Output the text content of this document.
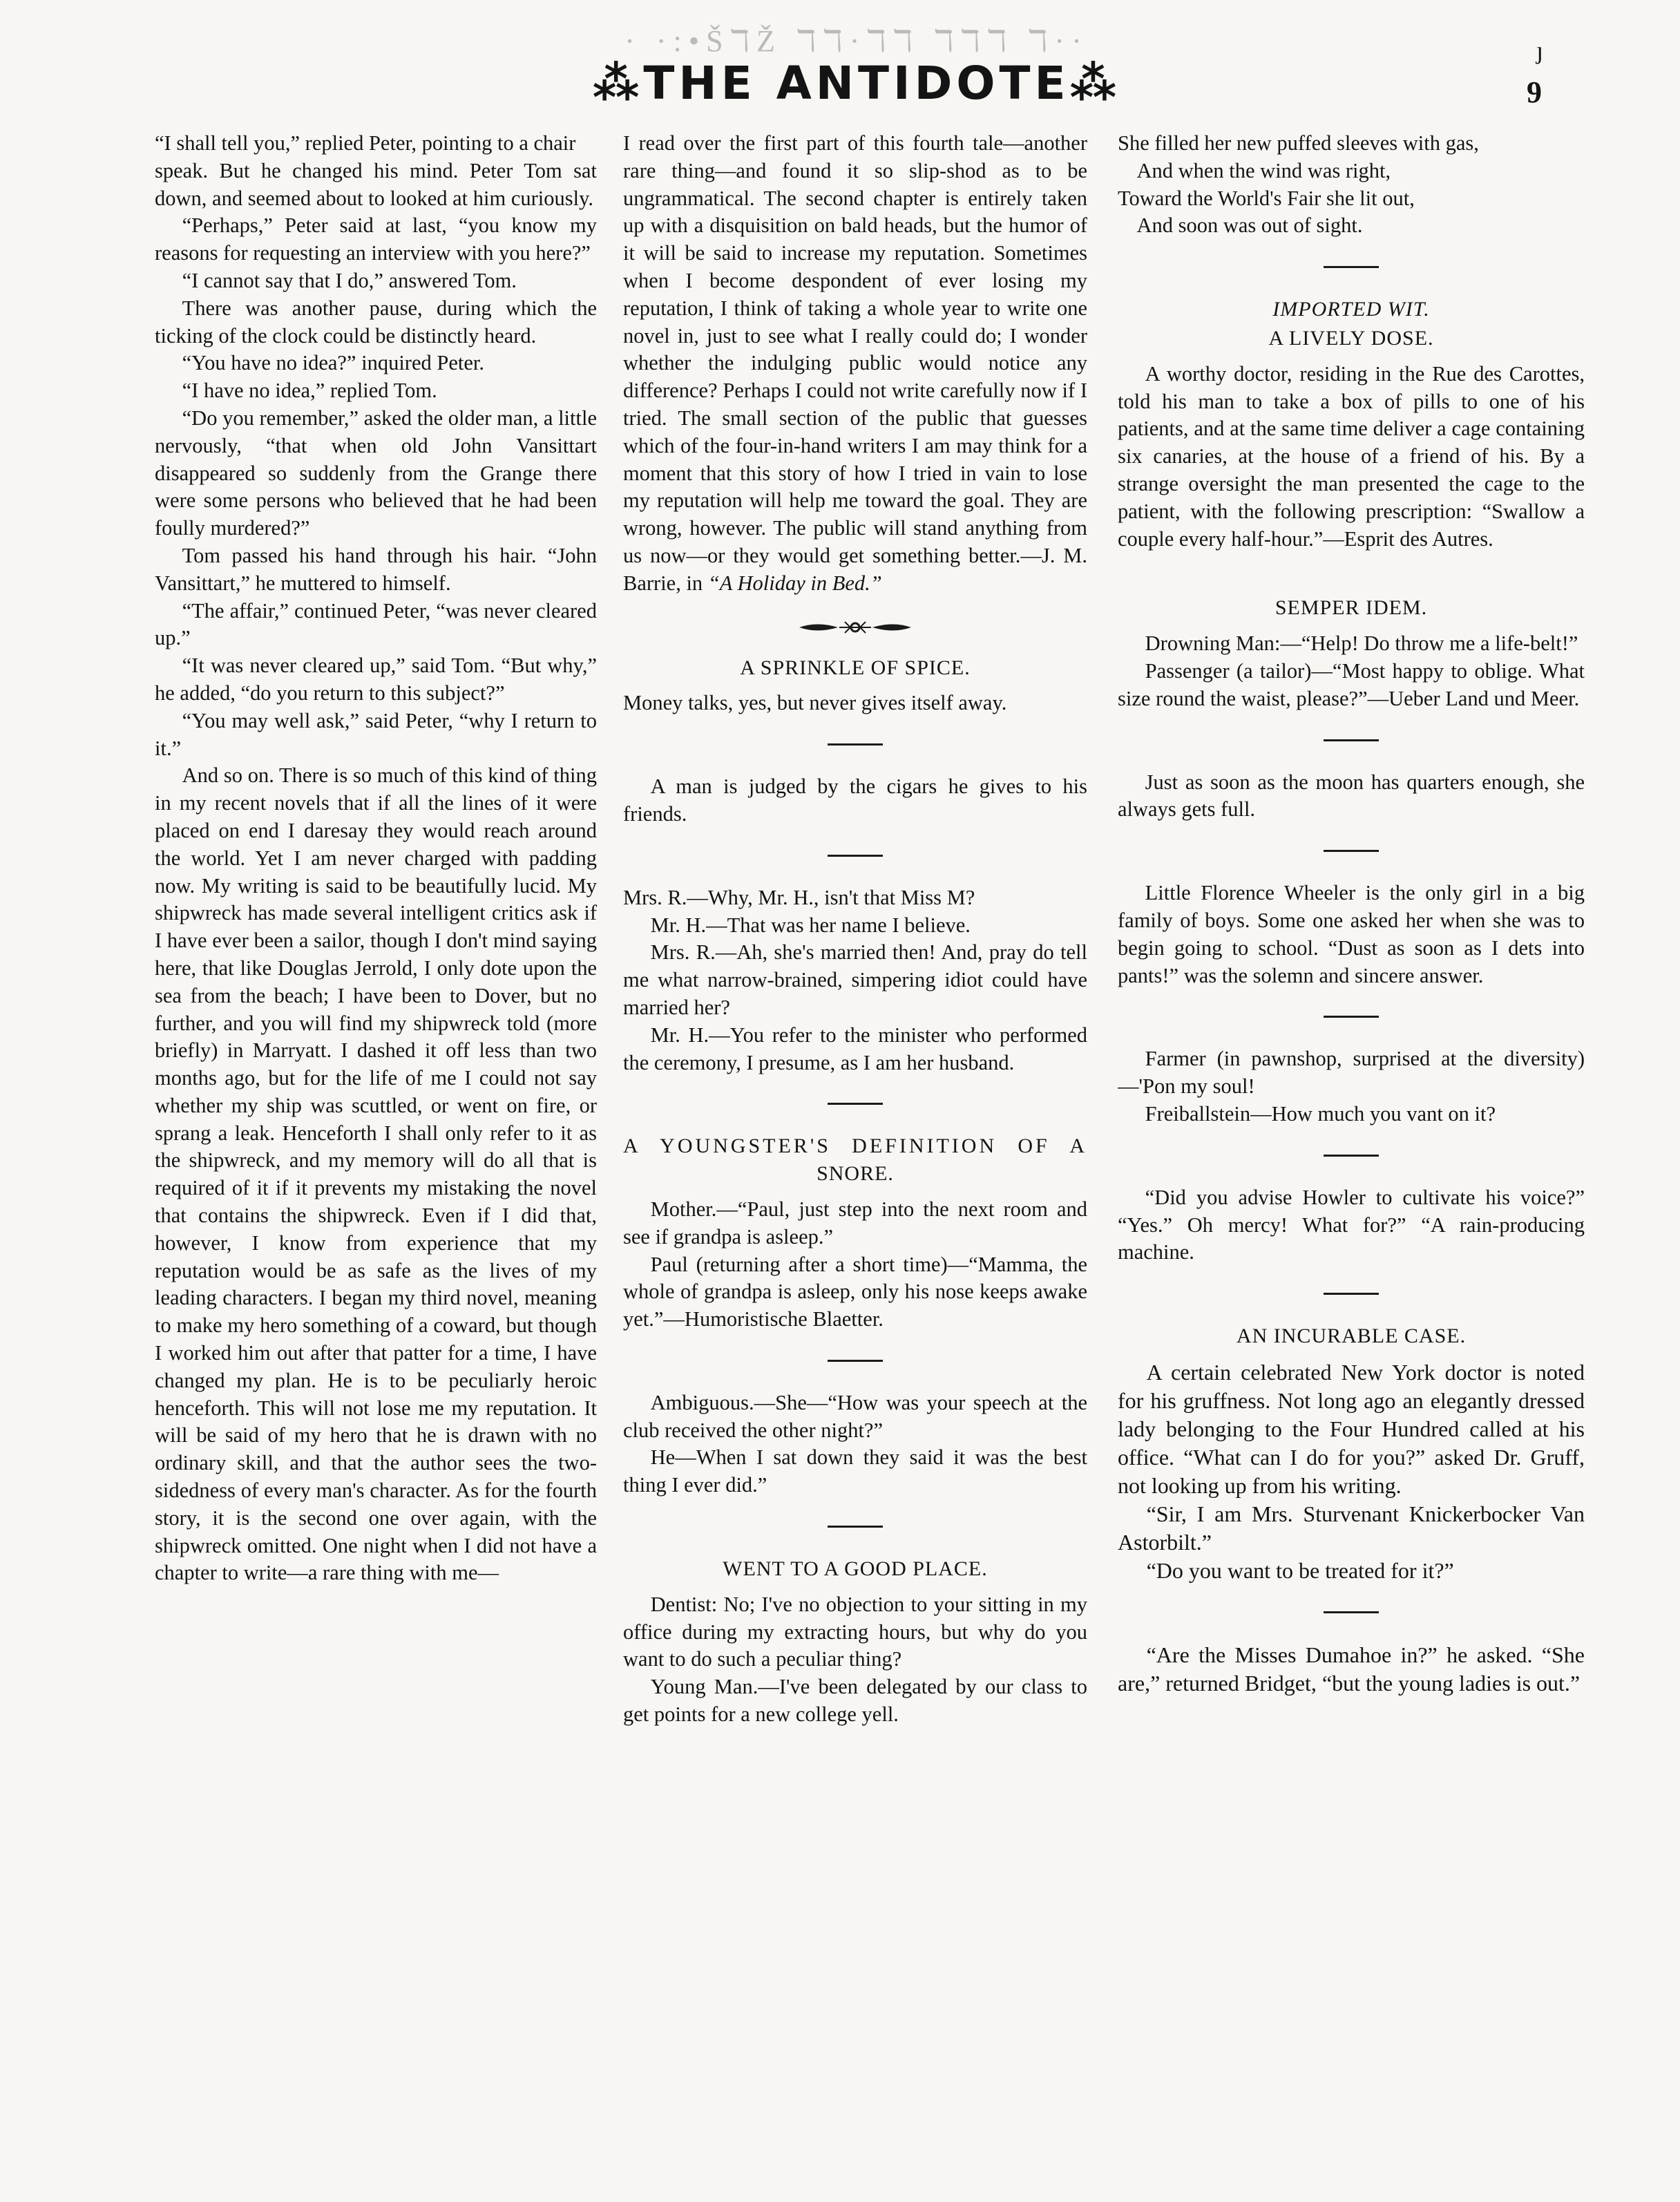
· ·:•ŠℸŽ ℸℸ·ℸℸ ℸℸℸ ℸ··
⁂THE ANTIDOTE⁂
ȷ
9

“I shall tell you,” replied Peter, pointing to a chair

speak. But he changed his mind. Peter Tom sat down, and seemed about to looked at him curiously.

“Perhaps,” Peter said at last, “you know my reasons for requesting an interview with you here?”

“I cannot say that I do,” answered Tom.

There was another pause, during which the ticking of the clock could be distinctly heard.

“You have no idea?” inquired Peter.

“I have no idea,” replied Tom.

“Do you remember,” asked the older man, a little nervously, “that when old John Vansittart disappeared so suddenly from the Grange there were some persons who believed that he had been foully murdered?”

Tom passed his hand through his hair. “John Vansittart,” he muttered to himself.

“The affair,” continued Peter, “was never cleared up.”

“It was never cleared up,” said Tom. “But why,” he added, “do you return to this subject?”

“You may well ask,” said Peter, “why I return to it.”

And so on. There is so much of this kind of thing in my recent novels that if all the lines of it were placed on end I daresay they would reach around the world. Yet I am never charged with padding now. My writing is said to be beautifully lucid. My shipwreck has made several intelligent critics ask if I have ever been a sailor, though I don't mind saying here, that like Douglas Jerrold, I only dote upon the sea from the beach; I have been to Dover, but no further, and you will find my shipwreck told (more briefly) in Marryatt. I dashed it off less than two months ago, but for the life of me I could not say whether my ship was scuttled, or went on fire, or sprang a leak. Henceforth I shall only refer to it as the shipwreck, and my memory will do all that is required of it if it prevents my mistaking the novel that contains the shipwreck. Even if I did that, however, I know from experience that my reputation would be as safe as the lives of my leading characters. I began my third novel, meaning to make my hero something of a coward, but though I worked him out after that patter for a time, I have changed my plan. He is to be peculiarly heroic henceforth. This will not lose me my reputation. It will be said of my hero that he is drawn with no ordinary skill, and that the author sees the two-sidedness of every man's character. As for the fourth story, it is the second one over again, with the shipwreck omitted. One night when I did not have a chapter to write—a rare thing with me—

I read over the first part of this fourth tale—another rare thing—and found it so slip-shod as to be ungrammatical. The second chapter is entirely taken up with a disquisition on bald heads, but the humor of it will be said to increase my reputation. Sometimes when I become despondent of ever losing my reputation, I think of taking a whole year to write one novel in, just to see what I really could do; I wonder whether the indulging public would notice any difference? Perhaps I could not write carefully now if I tried. The small section of the public that guesses which of the four-in-hand writers I am may think for a moment that this story of how I tried in vain to lose my reputation will help me toward the goal. They are wrong, however. The public will stand anything from us now—or they would get something better.—J. M. Barrie, in “A Holiday in Bed.”

A SPRINKLE OF SPICE.

Money talks, yes, but never gives itself away.

A man is judged by the cigars he gives to his friends.

Mrs. R.—Why, Mr. H., isn't that Miss M?

Mr. H.—That was her name I believe.

Mrs. R.—Ah, she's married then! And, pray do tell me what narrow-brained, simpering idiot could have married her?

Mr. H.—You refer to the minister who performed the ceremony, I presume, as I am her husband.

A YOUNGSTER'S DEFINITION OF A
SNORE.

Mother.—“Paul, just step into the next room and see if grandpa is asleep.”

Paul (returning after a short time)—“Mamma, the whole of grandpa is asleep, only his nose keeps awake yet.”—Humoristische Blaetter.

Ambiguous.—She—“How was your speech at the club received the other night?”

He—When I sat down they said it was the best thing I ever did.”

WENT TO A GOOD PLACE.

Dentist: No; I've no objection to your sitting in my office during my extracting hours, but why do you want to do such a peculiar thing?

Young Man.—I've been delegated by our class to get points for a new college yell.

She filled her new puffed sleeves with gas,

And when the wind was right,

Toward the World's Fair she lit out,

And soon was out of sight.

IMPORTED WIT.
A LIVELY DOSE.

A worthy doctor, residing in the Rue des Carottes, told his man to take a box of pills to one of his patients, and at the same time deliver a cage containing six canaries, at the house of a friend of his. By a strange oversight the man presented the cage to the patient, with the following prescription: “Swallow a couple every half-hour.”—Esprit des Autres.

SEMPER IDEM.

Drowning Man:—“Help! Do throw me a life-belt!”

Passenger (a tailor)—“Most happy to oblige. What size round the waist, please?”—Ueber Land und Meer.

Just as soon as the moon has quarters enough, she always gets full.

Little Florence Wheeler is the only girl in a big family of boys. Some one asked her when she was to begin going to school. “Dust as soon as I dets into pants!” was the solemn and sincere answer.

Farmer (in pawnshop, surprised at the diversity)—'Pon my soul!

Freiballstein—How much you vant on it?

“Did you advise Howler to cultivate his voice?” “Yes.” Oh mercy! What for?” “A rain-producing machine.

AN INCURABLE CASE.

A certain celebrated New York doctor is noted for his gruffness. Not long ago an elegantly dressed lady belonging to the Four Hundred called at his office. “What can I do for you?” asked Dr. Gruff, not looking up from his writing.

“Sir, I am Mrs. Sturvenant Knickerbocker Van Astorbilt.”

“Do you want to be treated for it?”

“Are the Misses Dumahoe in?” he asked. “She are,” returned Bridget, “but the young ladies is out.”
